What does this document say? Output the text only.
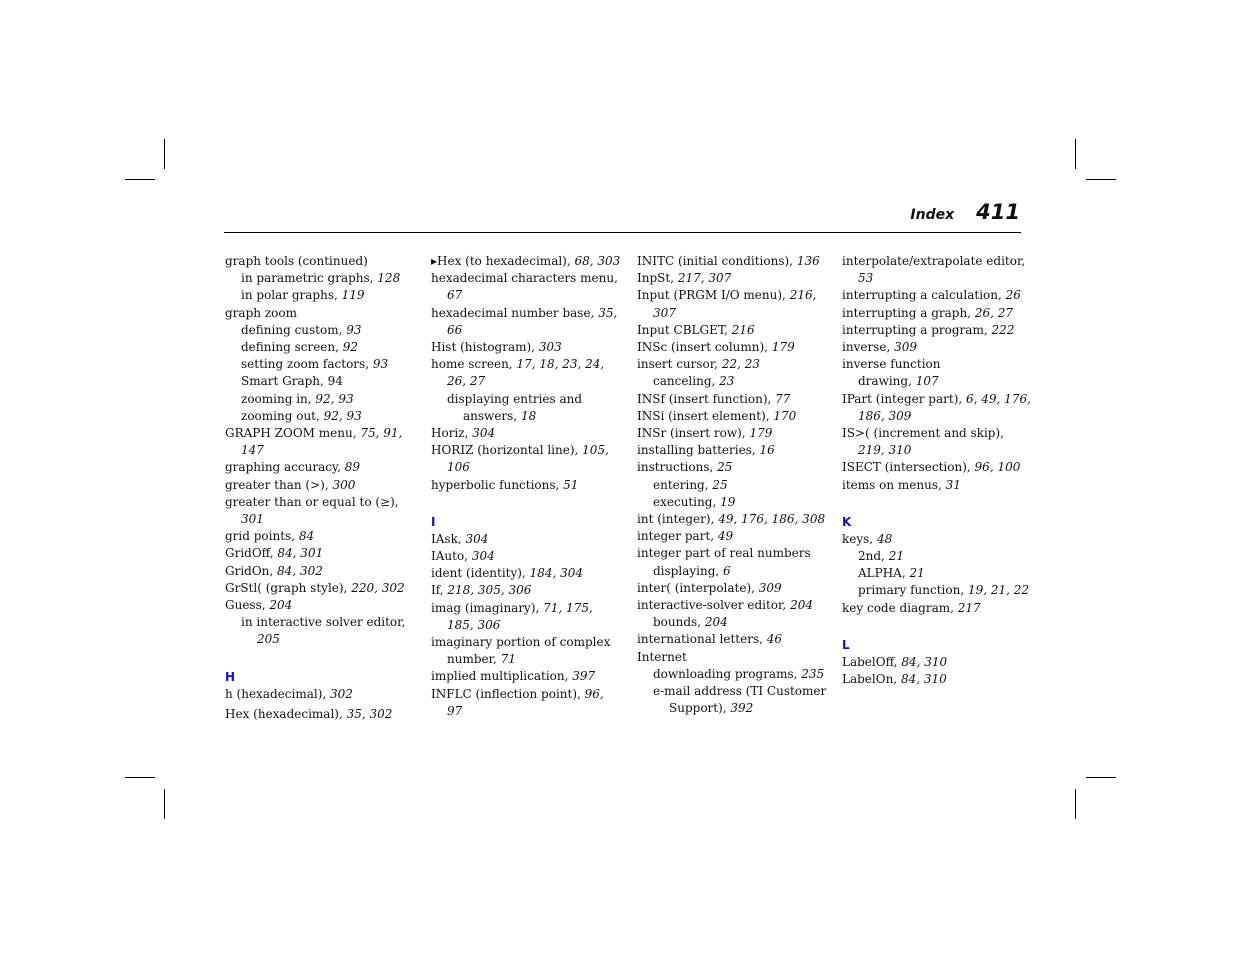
Index 411
graph tools (continued)
in parametric graphs, 128
in polar graphs, 119
graph zoom
defining custom, 93
defining screen, 92
setting zoom factors, 93
Smart Graph, 94
zooming in, 92, 93
zooming out, 92, 93
GRAPH ZOOM menu, 75, 91, 147
graphing accuracy, 89
greater than (>), 300
greater than or equal to (≥), 301
grid points, 84
GridOff, 84, 301
GridOn, 84, 302
GrStl( (graph style), 220, 302
Guess, 204
in interactive solver editor, 205
H
h (hexadecimal), 302
Hex (hexadecimal), 35, 302
▸Hex (to hexadecimal), 68, 303
hexadecimal characters menu, 67
hexadecimal number base, 35, 66
Hist (histogram), 303
home screen, 17, 18, 23, 24, 26, 27
displaying entries and answers, 18
Horiz, 304
HORIZ (horizontal line), 105, 106
hyperbolic functions, 51
I
IAsk, 304
IAuto, 304
ident (identity), 184, 304
If, 218, 305, 306
imag (imaginary), 71, 175, 185, 306
imaginary portion of complex number, 71
implied multiplication, 397
INFLC (inflection point), 96, 97
INITC (initial conditions), 136
InpSt, 217, 307
Input (PRGM I/O menu), 216, 307
Input CBLGET, 216
INSc (insert column), 179
insert cursor, 22, 23
canceling, 23
INSf (insert function), 77
INSi (insert element), 170
INSr (insert row), 179
installing batteries, 16
instructions, 25
entering, 25
executing, 19
int (integer), 49, 176, 186, 308
integer part, 49
integer part of real numbers
displaying, 6
inter( (interpolate), 309
interactive-solver editor, 204
bounds, 204
international letters, 46
Internet
downloading programs, 235
e-mail address (TI Customer Support), 392
interpolate/extrapolate editor, 53
interrupting a calculation, 26
interrupting a graph, 26, 27
interrupting a program, 222
inverse, 309
inverse function
drawing, 107
IPart (integer part), 6, 49, 176, 186, 309
IS>( (increment and skip), 219, 310
ISECT (intersection), 96, 100
items on menus, 31
K
keys, 48
2nd, 21
ALPHA, 21
primary function, 19, 21, 22
key code diagram, 217
L
LabelOff, 84, 310
LabelOn, 84, 310
